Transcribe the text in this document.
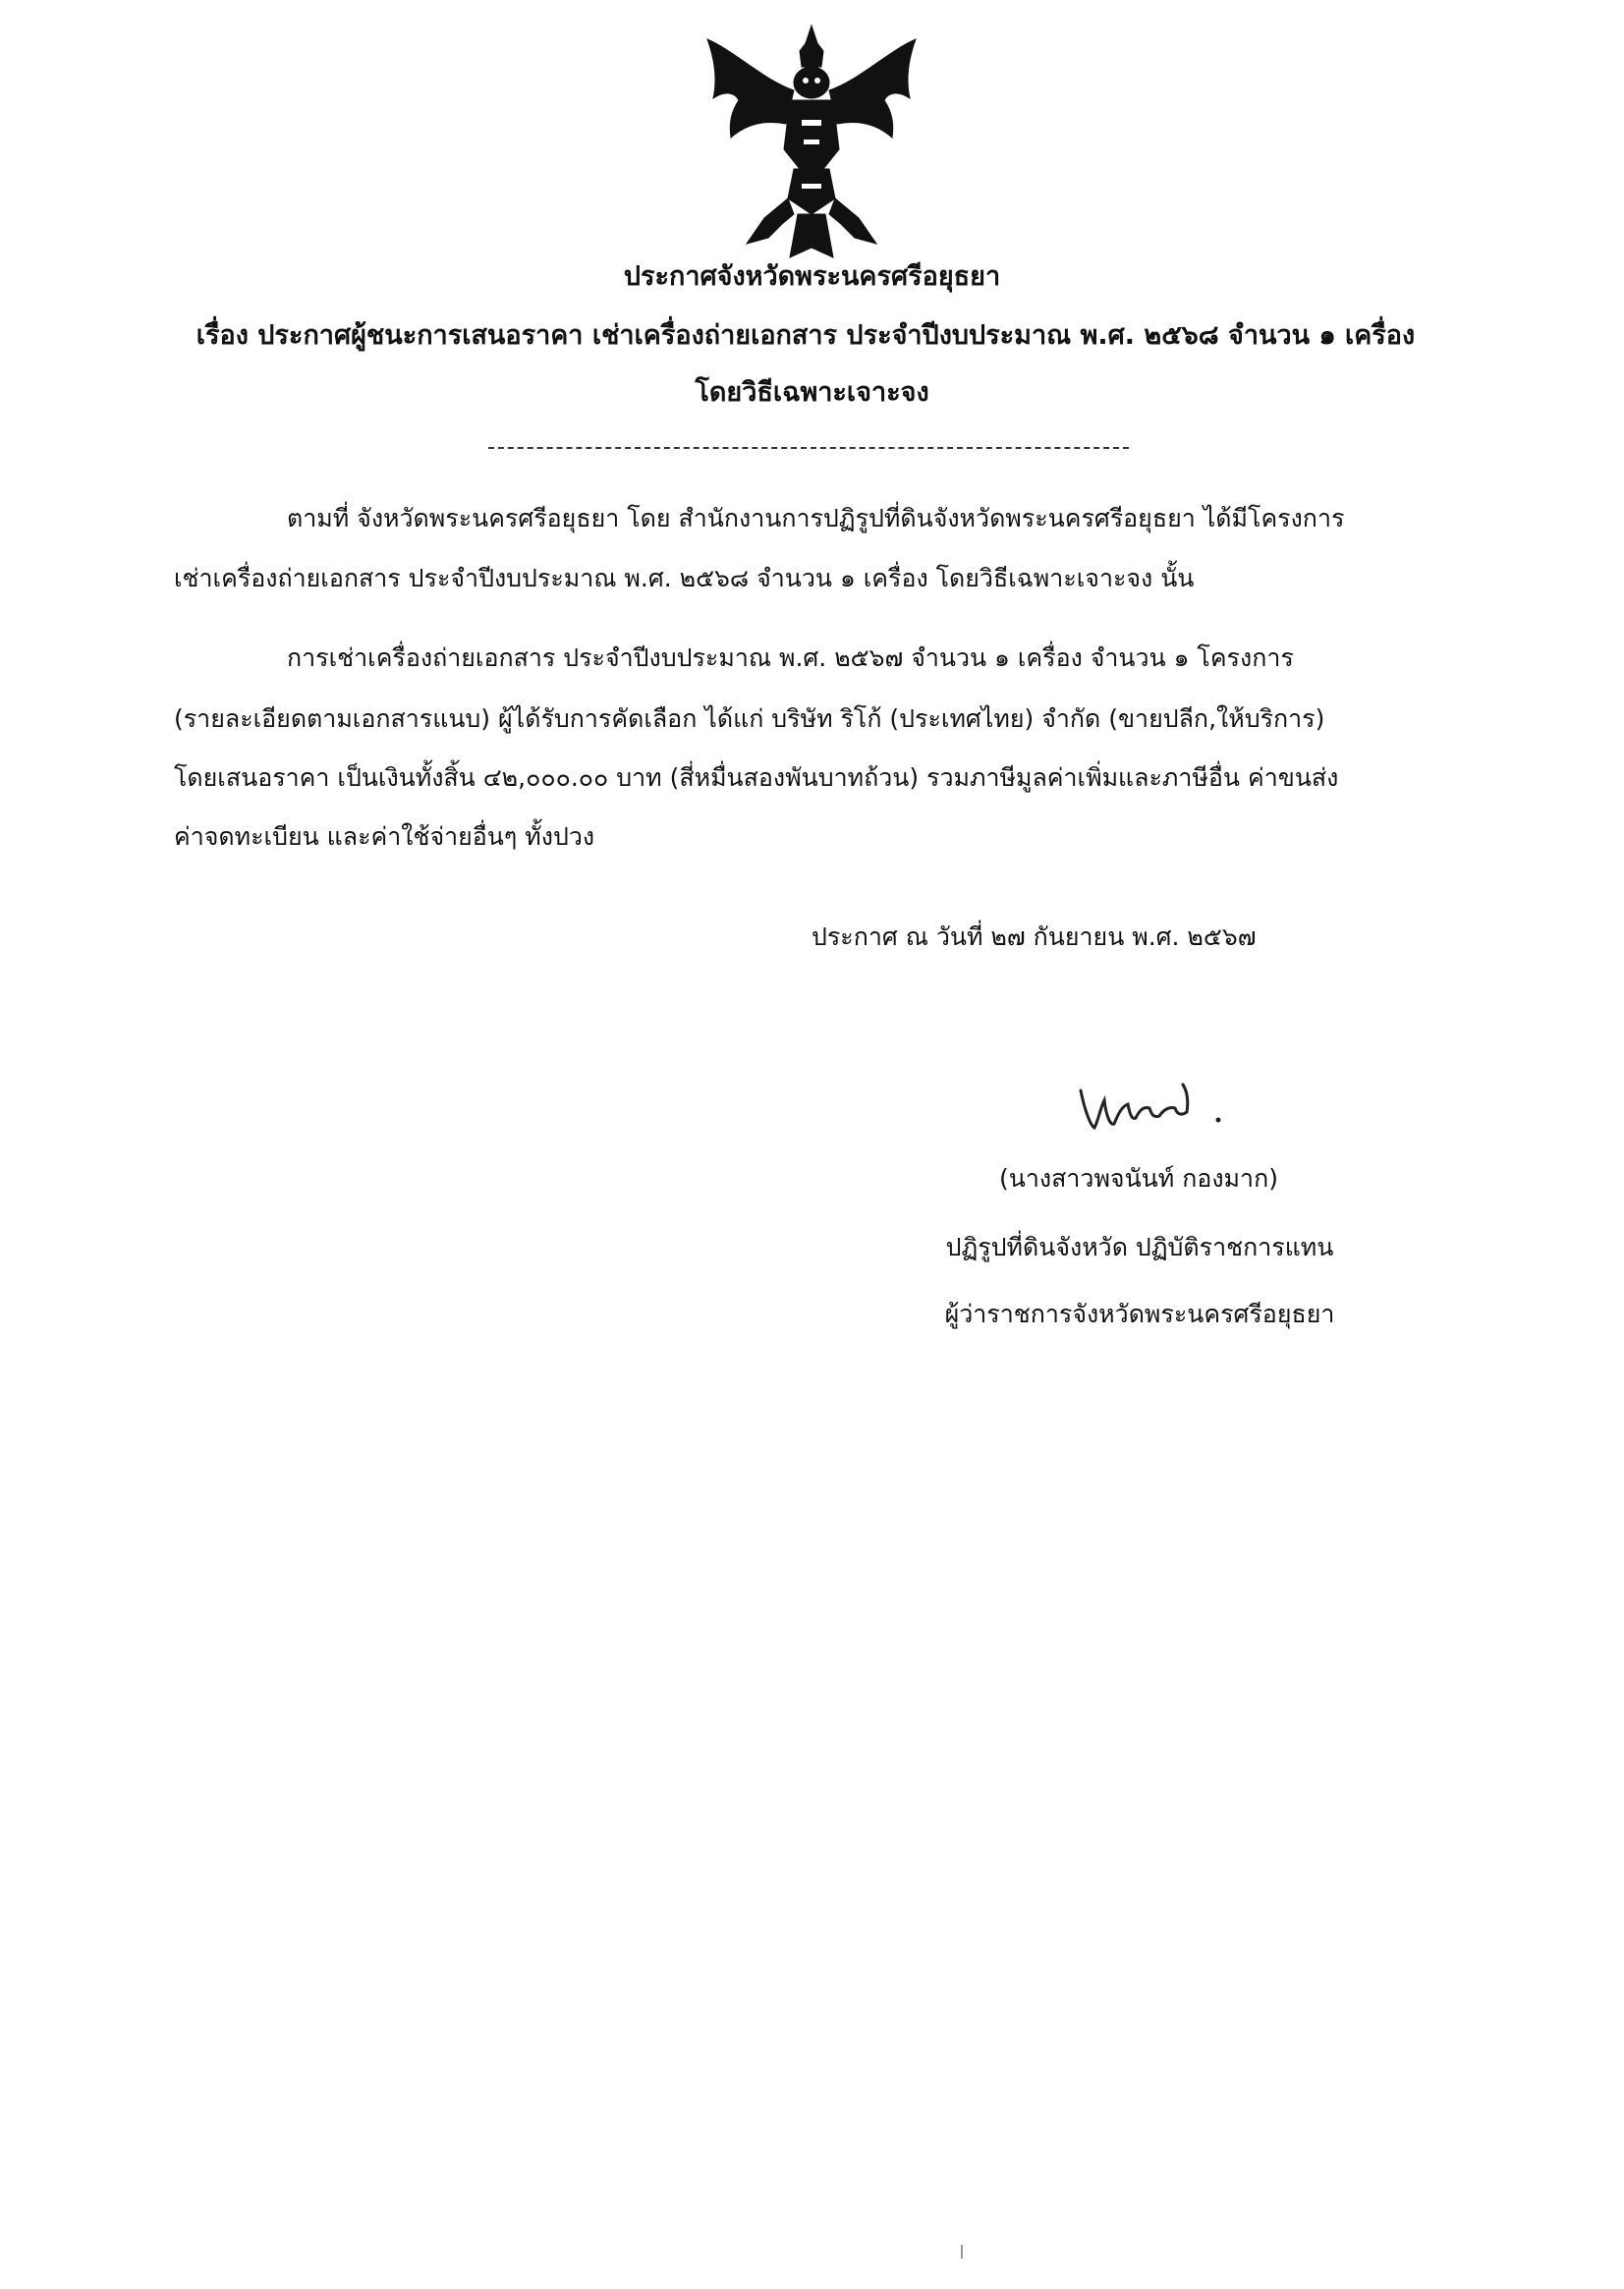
ประกาศจังหวัดพระนครศรีอยุธยา
เรื่อง ประกาศผู้ชนะการเสนอราคา เช่าเครื่องถ่ายเอกสาร ประจำปีงบประมาณ พ.ศ. ๒๕๖๘ จำนวน ๑ เครื่อง
โดยวิธีเฉพาะเจาะจง
ตามที่ จังหวัดพระนครศรีอยุธยา โดย สำนักงานการปฏิรูปที่ดินจังหวัดพระนครศรีอยุธยา ได้มีโครงการ
เช่าเครื่องถ่ายเอกสาร ประจำปีงบประมาณ พ.ศ. ๒๕๖๘ จำนวน ๑ เครื่อง โดยวิธีเฉพาะเจาะจง นั้น
การเช่าเครื่องถ่ายเอกสาร ประจำปีงบประมาณ พ.ศ. ๒๕๖๗ จำนวน ๑ เครื่อง จำนวน ๑ โครงการ
(รายละเอียดตามเอกสารแนบ) ผู้ได้รับการคัดเลือก ได้แก่ บริษัท ริโก้ (ประเทศไทย) จำกัด (ขายปลีก,ให้บริการ)
โดยเสนอราคา เป็นเงินทั้งสิ้น ๔๒,๐๐๐.๐๐ บาท (สี่หมื่นสองพันบาทถ้วน) รวมภาษีมูลค่าเพิ่มและภาษีอื่น ค่าขนส่ง
ค่าจดทะเบียน และค่าใช้จ่ายอื่นๆ ทั้งปวง
ประกาศ ณ วันที่ ๒๗ กันยายน พ.ศ. ๒๕๖๗
(นางสาวพจนันท์ กองมาก)
ปฏิรูปที่ดินจังหวัด ปฏิบัติราชการแทน
ผู้ว่าราชการจังหวัดพระนครศรีอยุธยา
